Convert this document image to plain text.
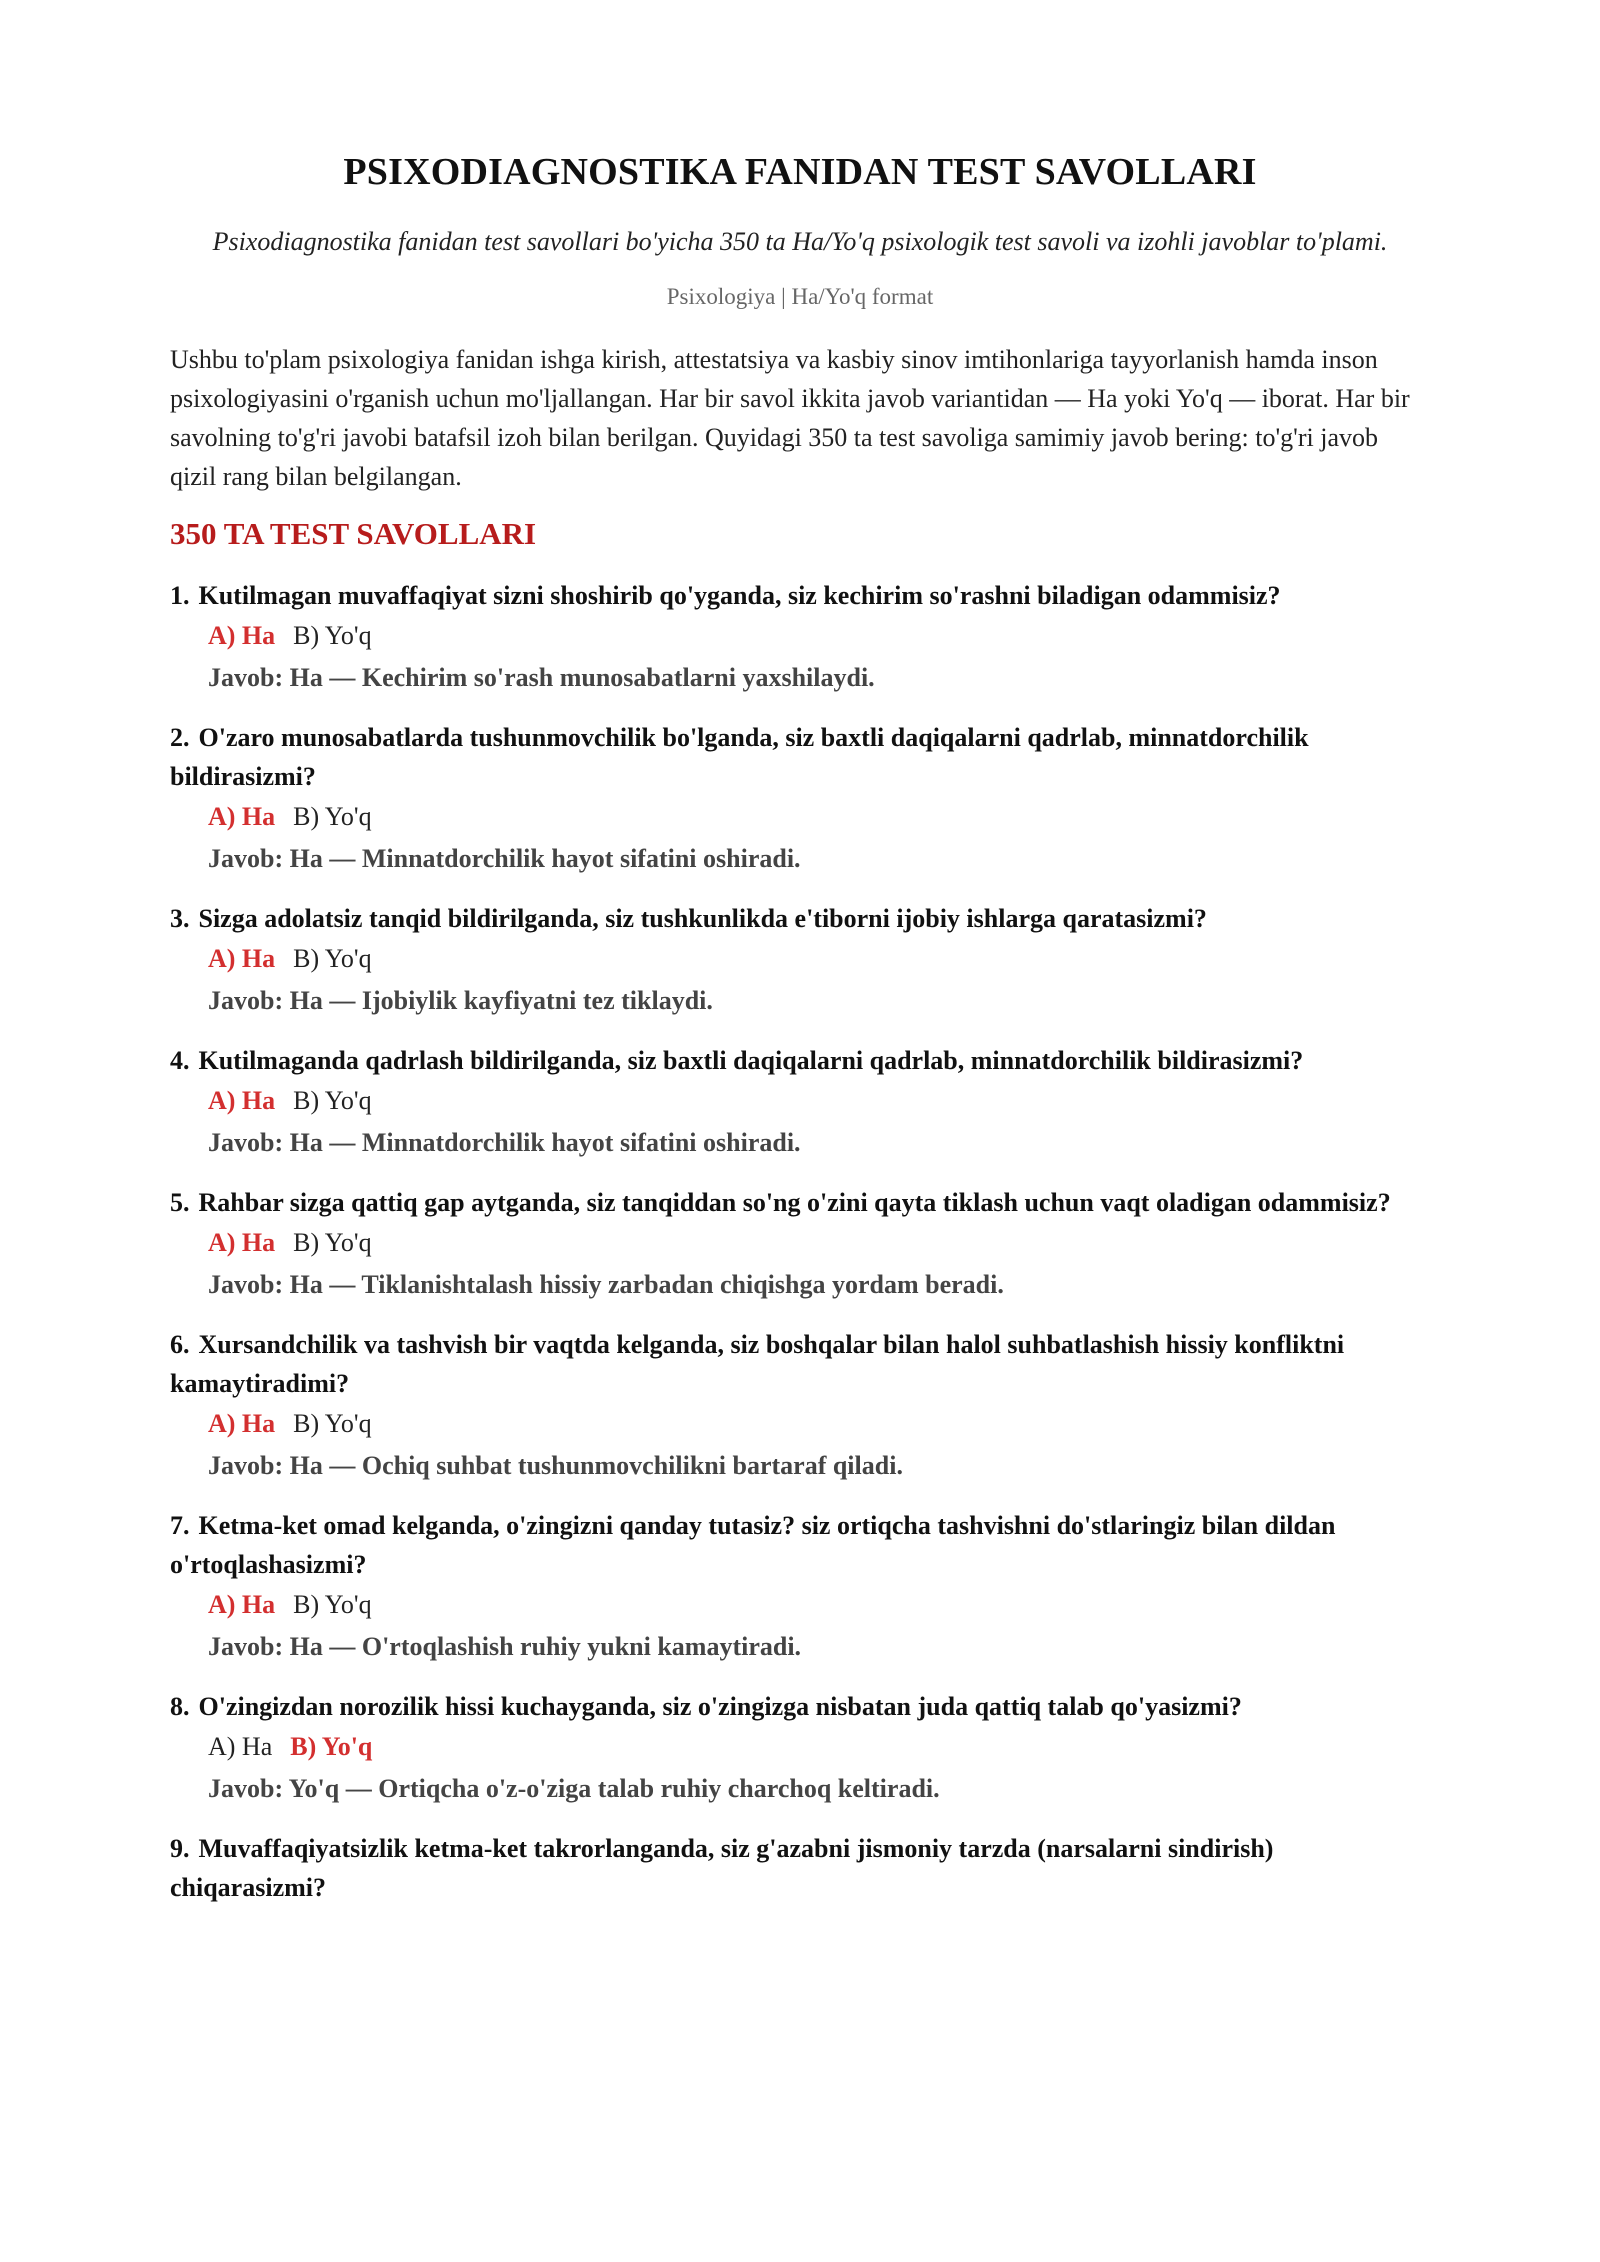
PSIXODIAGNOSTIKA FANIDAN TEST SAVOLLARI

Psixodiagnostika fanidan test savollari bo'yicha 350 ta Ha/Yo'q psixologik test savoli va izohli javoblar to'plami.

Psixologiya | Ha/Yo'q format

Ushbu to'plam psixologiya fanidan ishga kirish, attestatsiya va kasbiy sinov imtihonlariga tayyorlanish hamda inson psixologiyasini o'rganish uchun mo'ljallangan. Har bir savol ikkita javob variantidan — Ha yoki Yo'q — iborat. Har bir savolning to'g'ri javobi batafsil izoh bilan berilgan. Quyidagi 350 ta test savoliga samimiy javob bering: to'g'ri javob qizil rang bilan belgilangan.

350 TA TEST SAVOLLARI
1. Kutilmagan muvaffaqiyat sizni shoshirib qo'yganda, siz kechirim so'rashni biladigan odammisiz?
A) Ha B) Yo'q
Javob: Ha — Kechirim so'rash munosabatlarni yaxshilaydi.
2. O'zaro munosabatlarda tushunmovchilik bo'lganda, siz baxtli daqiqalarni qadrlab, minnatdorchilik bildirasizmi?
A) Ha B) Yo'q
Javob: Ha — Minnatdorchilik hayot sifatini oshiradi.
3. Sizga adolatsiz tanqid bildirilganda, siz tushkunlikda e'tiborni ijobiy ishlarga qaratasizmi?
A) Ha B) Yo'q
Javob: Ha — Ijobiylik kayfiyatni tez tiklaydi.
4. Kutilmaganda qadrlash bildirilganda, siz baxtli daqiqalarni qadrlab, minnatdorchilik bildirasizmi?
A) Ha B) Yo'q
Javob: Ha — Minnatdorchilik hayot sifatini oshiradi.
5. Rahbar sizga qattiq gap aytganda, siz tanqiddan so'ng o'zini qayta tiklash uchun vaqt oladigan odammisiz?
A) Ha B) Yo'q
Javob: Ha — Tiklanishtalash hissiy zarbadan chiqishga yordam beradi.
6. Xursandchilik va tashvish bir vaqtda kelganda, siz boshqalar bilan halol suhbatlashish hissiy konfliktni kamaytiradimi?
A) Ha B) Yo'q
Javob: Ha — Ochiq suhbat tushunmovchilikni bartaraf qiladi.
7. Ketma-ket omad kelganda, o'zingizni qanday tutasiz? siz ortiqcha tashvishni do'stlaringiz bilan dildan o'rtoqlashasizmi?
A) Ha B) Yo'q
Javob: Ha — O'rtoqlashish ruhiy yukni kamaytiradi.
8. O'zingizdan norozilik hissi kuchayganda, siz o'zingizga nisbatan juda qattiq talab qo'yasizmi?
A) Ha B) Yo'q
Javob: Yo'q — Ortiqcha o'z-o'ziga talab ruhiy charchoq keltiradi.
9. Muvaffaqiyatsizlik ketma-ket takrorlanganda, siz g'azabni jismoniy tarzda (narsalarni sindirish) chiqarasizmi?
